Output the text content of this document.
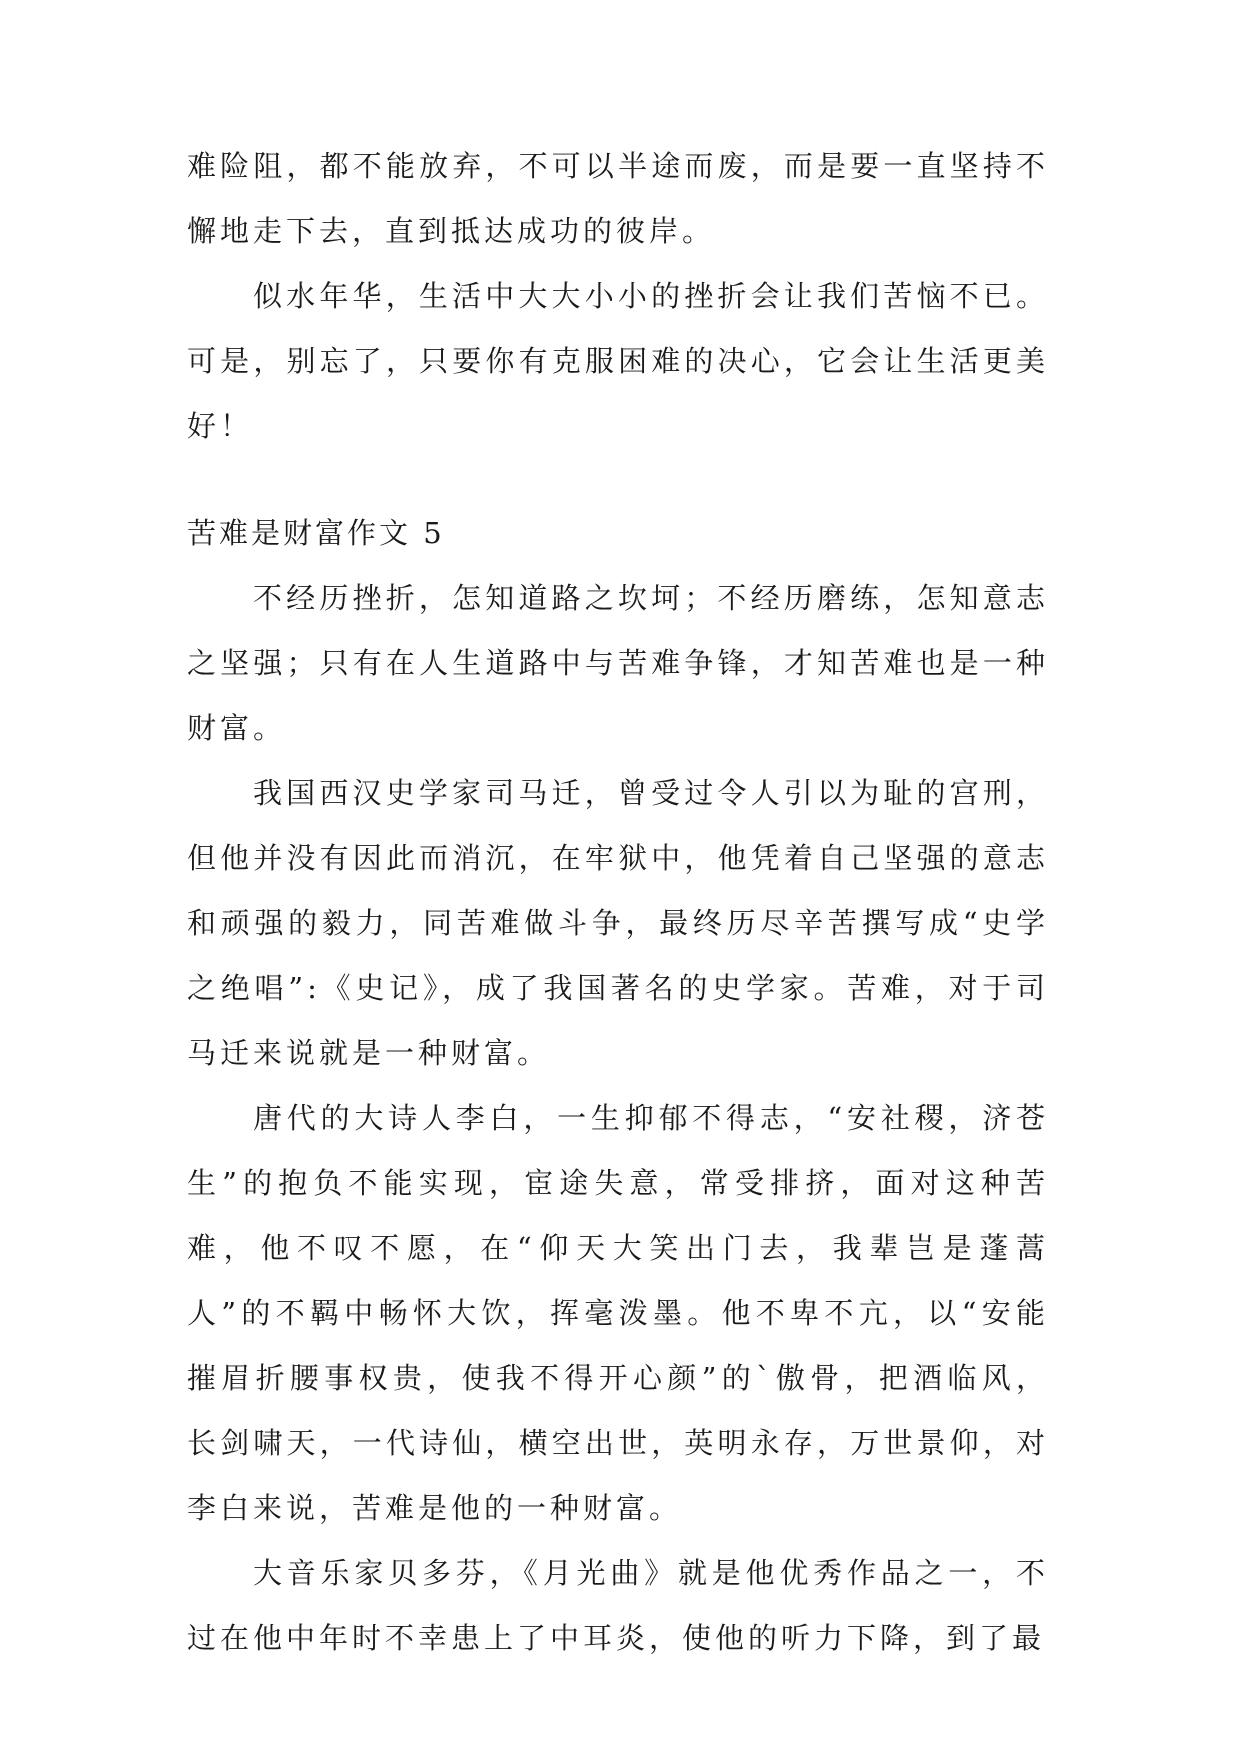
难险阻，都不能放弃，不可以半途而废，而是要一直坚持不懈地走下去，直到抵达成功的彼岸。

似水年华，生活中大大小小的挫折会让我们苦恼不已。可是，别忘了，只要你有克服困难的决心，它会让生活更美好！

苦难是财富作文 5

不经历挫折，怎知道路之坎坷；不经历磨练，怎知意志之坚强；只有在人生道路中与苦难争锋，才知苦难也是一种财富。

我国西汉史学家司马迁，曾受过令人引以为耻的宫刑，但他并没有因此而消沉，在牢狱中，他凭着自己坚强的意志和顽强的毅力，同苦难做斗争，最终历尽辛苦撰写成“史学之绝唱”:《史记》，成了我国著名的史学家。苦难，对于司马迁来说就是一种财富。

唐代的大诗人李白，一生抑郁不得志，“安社稷，济苍生”的抱负不能实现，宦途失意，常受排挤，面对这种苦难，他不叹不愿，在“仰天大笑出门去，我辈岂是蓬蒿人”的不羁中畅怀大饮，挥毫泼墨。他不卑不亢，以“安能摧眉折腰事权贵，使我不得开心颜”的`傲骨，把酒临风，长剑啸天，一代诗仙，横空出世，英明永存，万世景仰，对李白来说，苦难是他的一种财富。

大音乐家贝多芬，《月光曲》就是他优秀作品之一，不过在他中年时不幸患上了中耳炎，使他的听力下降，到了最
